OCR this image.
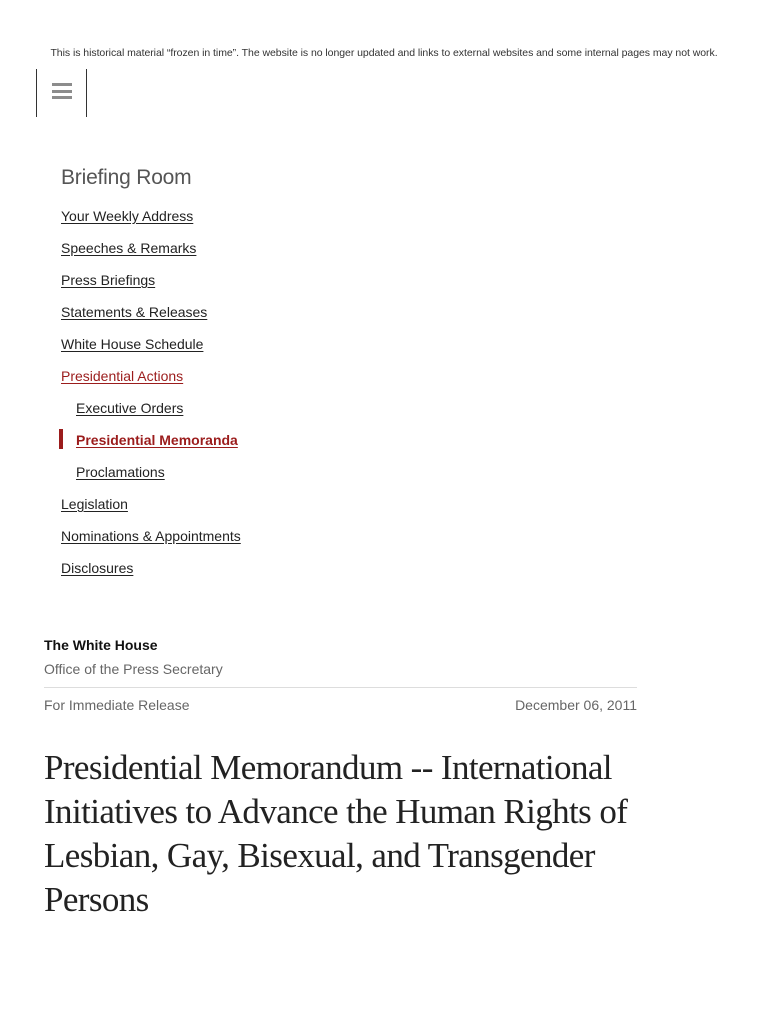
This is historical material “frozen in time”. The website is no longer updated and links to external websites and some internal pages may not work.
Briefing Room
Your Weekly Address
Speeches & Remarks
Press Briefings
Statements & Releases
White House Schedule
Presidential Actions
Executive Orders
Presidential Memoranda
Proclamations
Legislation
Nominations & Appointments
Disclosures

The White House

Office of the Press Secretary

For Immediate Release	December 06, 2011
Presidential Memorandum -- International Initiatives to Advance the Human Rights of Lesbian, Gay, Bisexual, and Transgender Persons
